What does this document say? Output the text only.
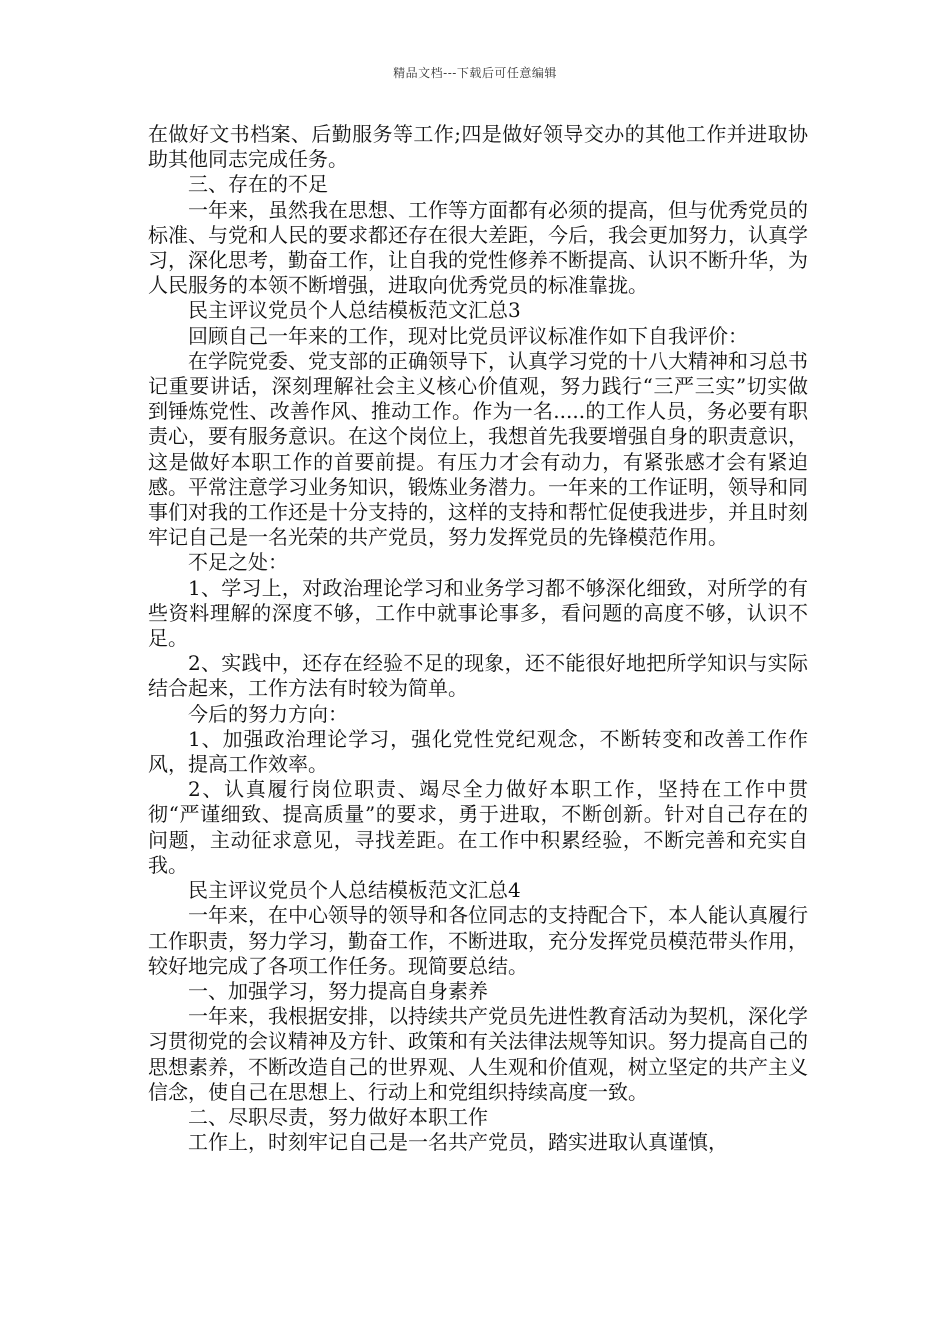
精品文档---下载后可任意编辑

在做好文书档案、后勤服务等工作;四是做好领导交办的其他工作并进取协助其他同志完成任务。

三、存在的不足

一年来，虽然我在思想、工作等方面都有必须的提高，但与优秀党员的标准、与党和人民的要求都还存在很大差距，今后，我会更加努力，认真学习，深化思考，勤奋工作，让自我的党性修养不断提高、认识不断升华，为人民服务的本领不断增强，进取向优秀党员的标准靠拢。

民主评议党员个人总结模板范文汇总3

回顾自己一年来的工作，现对比党员评议标准作如下自我评价：

在学院党委、党支部的正确领导下，认真学习党的十八大精神和习总书记重要讲话，深刻理解社会主义核心价值观，努力践行“三严三实”切实做到锤炼党性、改善作风、推动工作。作为一名.....的工作人员，务必要有职责心，要有服务意识。在这个岗位上，我想首先我要增强自身的职责意识，这是做好本职工作的首要前提。有压力才会有动力，有紧张感才会有紧迫感。平常注意学习业务知识，锻炼业务潜力。一年来的工作证明，领导和同事们对我的工作还是十分支持的，这样的支持和帮忙促使我进步，并且时刻牢记自己是一名光荣的共产党员，努力发挥党员的先锋模范作用。

不足之处：

1、学习上，对政治理论学习和业务学习都不够深化细致，对所学的有些资料理解的深度不够，工作中就事论事多，看问题的高度不够，认识不足。

2、实践中，还存在经验不足的现象，还不能很好地把所学知识与实际结合起来，工作方法有时较为简单。

今后的努力方向：

1、加强政治理论学习，强化党性党纪观念，不断转变和改善工作作风，提高工作效率。

2、认真履行岗位职责、竭尽全力做好本职工作，坚持在工作中贯彻“严谨细致、提高质量”的要求，勇于进取，不断创新。针对自己存在的问题，主动征求意见，寻找差距。在工作中积累经验，不断完善和充实自我。

民主评议党员个人总结模板范文汇总4

一年来，在中心领导的领导和各位同志的支持配合下，本人能认真履行工作职责，努力学习，勤奋工作，不断进取，充分发挥党员模范带头作用，较好地完成了各项工作任务。现简要总结。

一、加强学习，努力提高自身素养

一年来，我根据安排，以持续共产党员先进性教育活动为契机，深化学习贯彻党的会议精神及方针、政策和有关法律法规等知识。努力提高自己的思想素养，不断改造自己的世界观、人生观和价值观，树立坚定的共产主义信念，使自己在思想上、行动上和党组织持续高度一致。

二、尽职尽责，努力做好本职工作

工作上，时刻牢记自己是一名共产党员，踏实进取认真谨慎，
